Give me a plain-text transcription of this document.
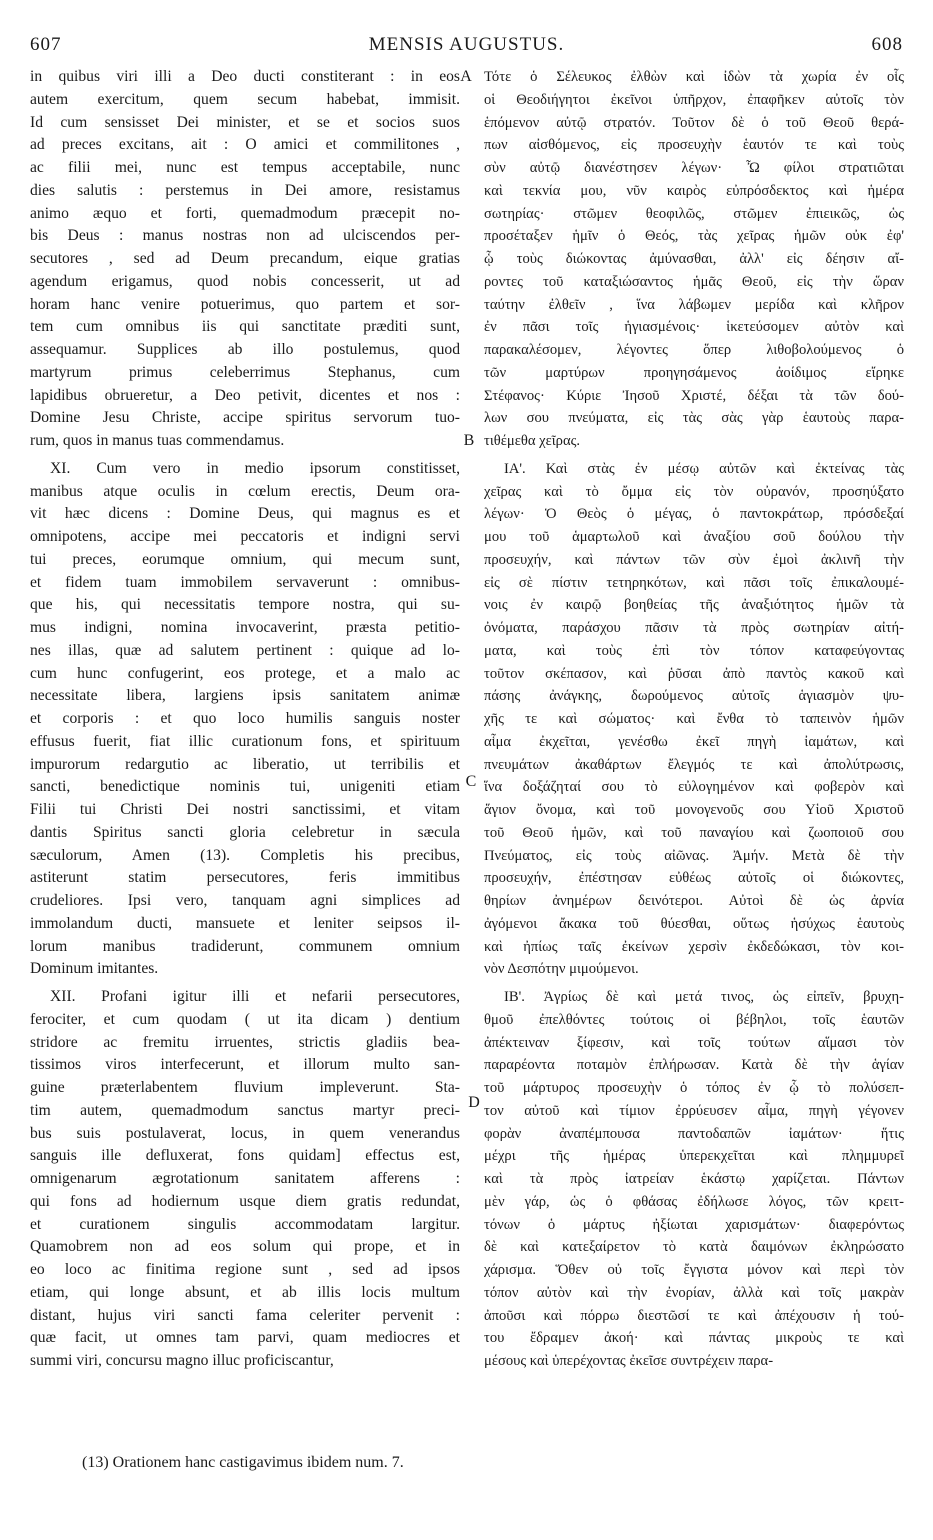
607	MENSIS AUGUSTUS.	608
in quibus viri illi a Deo ducti constiterant : in eos
autem exercitum, quem secum habebat, immisit.
Id cum sensisset Dei minister, et se et socios suos
ad preces excitans, ait : O amici et commilitones ,
ac filii mei, nunc est tempus acceptabile, nunc
dies salutis : perstemus in Dei amore, resistamus
animo æquo et forti, quemadmodum præcepit no-
bis Deus : manus nostras non ad ulciscendos per-
secutores , sed ad Deum precandum, eique gratias
agendum erigamus, quod nobis concesserit, ut ad
horam hanc venire potuerimus, quo partem et sor-
tem cum omnibus iis qui sanctitate præditi sunt,
assequamur. Supplices ab illo postulemus, quod
martyrum primus celeberrimus Stephanus, cum
lapidibus obrueretur, a Deo petivit, dicentes et nos :
Domine Jesu Christe, accipe spiritus servorum tuo-
rum, quos in manus tuas commendamus.
XI. Cum vero in medio ipsorum constitisset,
manibus atque oculis in cœlum erectis, Deum ora-
vit hæc dicens : Domine Deus, qui magnus es et
omnipotens, accipe mei peccatoris et indigni servi
tui preces, eorumque omnium, qui mecum sunt,
et fidem tuam immobilem servaverunt : omnibus-
que his, qui necessitatis tempore nostra, qui su-
mus indigni, nomina invocaverint, præsta petitio-
nes illas, quæ ad salutem pertinent : quique ad lo-
cum hunc confugerint, eos protege, et a malo ac
necessitate libera, largiens ipsis sanitatem animæ
et corporis : et quo loco humilis sanguis noster
effusus fuerit, fiat illic curationum fons, et spirituum
impurorum redargutio ac liberatio, ut terribilis et
sancti, benedictique nominis tui, unigeniti etiam
Filii tui Christi Dei nostri sanctissimi, et vitam
dantis Spiritus sancti gloria celebretur in sæcula
sæculorum, Amen (13). Completis his precibus,
astiterunt statim persecutores, feris immitibus
crudeliores. Ipsi vero, tanquam agni simplices ad
immolandum ducti, mansuete et leniter seipsos il-
lorum manibus tradiderunt, communem omnium
Dominum imitantes.
XII. Profani igitur illi et nefarii persecutores,
ferociter, et cum quodam ( ut ita dicam ) dentium
stridore ac fremitu irruentes, strictis gladiis bea-
tissimos viros interfecerunt, et illorum multo san-
guine præterlabentem fluvium impleverunt. Sta-
tim autem, quemadmodum sanctus martyr preci-
bus suis postulaverat, locus, in quem venerandus
sanguis ille defluxerat, fons quidam] effectus est,
omnigenarum ægrotationum sanitatem afferens :
qui fons ad hodiernum usque diem gratis redundat,
et curationem singulis accommodatam largitur.
Quamobrem non ad eos solum qui prope, et in
eo loco ac finitima regione sunt , sed ad ipsos
etiam, qui longe absunt, et ab illis locis multum
distant, hujus viri sancti fama celeriter pervenit :
quæ facit, ut omnes tam parvi, quam mediocres et
summi viri, concursu magno illuc proficiscantur,
Τότε ὁ Σέλευκος ἐλθὼν καὶ ἰδὼν τὰ χωρία ἐν οἷς
οἱ Θεοδιήγητοι ἐκεῖνοι ὑπῆρχον, ἐπαφῆκεν αὐτοῖς τὸν
ἑπόμενον αὐτῷ στρατόν. Τοῦτον δὲ ὁ τοῦ Θεοῦ θερά-
πων αἰσθόμενος, εἰς προσευχὴν ἑαυτόν τε καὶ τοὺς
σὺν αὐτῷ διανέστησεν λέγων· Ὦ φίλοι στρατιῶται
καὶ τεκνία μου, νῦν καιρὸς εὐπρόσδεκτος καὶ ἡμέρα
σωτηρίας· στῶμεν θεοφιλῶς, στῶμεν ἐπιεικῶς, ὡς
προσέταξεν ἡμῖν ὁ Θεός, τὰς χεῖρας ἡμῶν οὐκ ἐφ'
ᾧ τοὺς διώκοντας ἀμύνασθαι, ἀλλ' εἰς δέησιν αἴ-
ροντες τοῦ καταξιώσαντος ἡμᾶς Θεοῦ, εἰς τὴν ὥραν
ταύτην ἐλθεῖν , ἵνα λάβωμεν μερίδα καὶ κλῆρον
ἐν πᾶσι τοῖς ἡγιασμένοις· ἱκετεύσομεν αὐτὸν καὶ
παρακαλέσομεν, λέγοντες ὅπερ λιθοβολούμενος ὁ
τῶν μαρτύρων προηγησάμενος ἀοίδιμος εἴρηκε
Στέφανος· Κύριε Ἰησοῦ Χριστέ, δέξαι τὰ τῶν δού-
λων σου πνεύματα, εἰς τὰς σὰς γὰρ ἑαυτοὺς παρα-
τιθέμεθα χεῖρας.
ΙΑ'. Καὶ στὰς ἐν μέσῳ αὐτῶν καὶ ἐκτείνας τὰς
χεῖρας καὶ τὸ ὄμμα εἰς τὸν οὐρανόν, προσηύξατο
λέγων· Ὁ Θεὸς ὁ μέγας, ὁ παντοκράτωρ, πρόσδεξαί
μου τοῦ ἁμαρτωλοῦ καὶ ἀναξίου σοῦ δούλου τὴν
προσευχήν, καὶ πάντων τῶν σὺν ἐμοὶ ἀκλινῆ τὴν
εἰς σὲ πίστιν τετηρηκότων, καὶ πᾶσι τοῖς ἐπικαλουμέ-
νοις ἐν καιρῷ βοηθείας τῆς ἀναξιότητος ἡμῶν τὰ
ὀνόματα, παράσχου πᾶσιν τὰ πρὸς σωτηρίαν αἰτή-
ματα, καὶ τοὺς ἐπὶ τὸν τόπον καταφεύγοντας
τοῦτον σκέπασον, καὶ ῥῦσαι ἀπὸ παντὸς κακοῦ καὶ
πάσης ἀνάγκης, δωρούμενος αὐτοῖς ἁγιασμὸν ψυ-
χῆς τε καὶ σώματος· καὶ ἔνθα τὸ ταπεινὸν ἡμῶν
αἷμα ἐκχεῖται, γενέσθω ἐκεῖ πηγὴ ἰαμάτων, καὶ
πνευμάτων ἀκαθάρτων ἔλεγμός τε καὶ ἀπολύτρωσις,
ἵνα δοξάζηταί σου τὸ εὐλογημένον καὶ φοβερὸν καὶ
ἅγιον ὄνομα, καὶ τοῦ μονογενοῦς σου Υἱοῦ Χριστοῦ
τοῦ Θεοῦ ἡμῶν, καὶ τοῦ παναγίου καὶ ζωοποιοῦ σου
Πνεύματος, εἰς τοὺς αἰῶνας. Ἀμήν. Μετὰ δὲ τὴν
προσευχήν, ἐπέστησαν εὐθέως αὐτοῖς οἱ διώκοντες,
θηρίων ἀνημέρων δεινότεροι. Αὐτοὶ δὲ ὡς ἀρνία
ἀγόμενοι ἄκακα τοῦ θύεσθαι, οὕτως ἡσύχως ἑαυτοὺς
καὶ ἠπίως ταῖς ἐκείνων χερσὶν ἐκδεδώκασι, τὸν κοι-
νὸν Δεσπότην μιμούμενοι.
ΙΒ'. Ἀγρίως δὲ καὶ μετά τινος, ὡς εἰπεῖν, βρυχη-
θμοῦ ἐπελθόντες τούτοις οἱ βέβηλοι, τοῖς ἑαυτῶν
ἀπέκτειναν ξίφεσιν, καὶ τοῖς τούτων αἵμασι τὸν
παραρέοντα ποταμὸν ἐπλήρωσαν. Κατὰ δὲ τὴν ἁγίαν
τοῦ μάρτυρος προσευχὴν ὁ τόπος ἐν ᾧ τὸ πολύσεπ-
τον αὐτοῦ καὶ τίμιον ἐρρύευσεν αἷμα, πηγὴ γέγονεν
φορὰν ἀναπέμπουσα παντοδαπῶν ἰαμάτων· ἥτις
μέχρι τῆς ἡμέρας ὑπερεκχεῖται καὶ πλημμυρεῖ
καὶ τὰ πρὸς ἰατρείαν ἑκάστῳ χαρίζεται. Πάντων
μὲν γάρ, ὡς ὁ φθάσας ἐδήλωσε λόγος, τῶν κρειτ-
τόνων ὁ μάρτυς ἠξίωται χαρισμάτων· διαφερόντως
δὲ καὶ κατεξαίρετον τὸ κατὰ δαιμόνων ἐκληρώσατο
χάρισμα. Ὅθεν οὐ τοῖς ἔγγιστα μόνον καὶ περὶ τὸν
τόπον αὐτὸν καὶ τὴν ἐνορίαν, ἀλλὰ καὶ τοῖς μακρὰν
ἀποῦσι καὶ πόρρω διεστῶσί τε καὶ ἀπέχουσιν ἡ τού-
του ἔδραμεν ἀκοή· καὶ πάντας μικροὺς τε καὶ
μέσους καὶ ὑπερέχοντας ἐκεῖσε συντρέχειν παρα-
A
B
C
D
(13) Orationem hanc castigavimus ibidem num. 7.
